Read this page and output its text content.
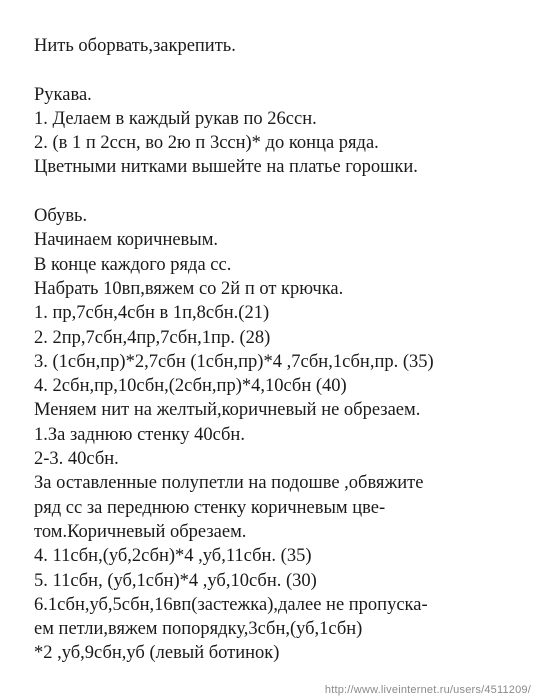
Нить оборвать,закрепить.
Рукава.
1. Делаем в каждый рукав по 26ссн.
2. (в 1 п 2ссн, во 2ю п 3ссн)* до конца ряда.
Цветными нитками вышейте на платье горошки.
Обувь.
Начинаем коричневым.
В конце каждого ряда сс.
Набрать 10вп,вяжем со 2й п от крючка.
1. пр,7сбн,4сбн в 1п,8сбн.(21)
2. 2пр,7сбн,4пр,7сбн,1пр. (28)
3. (1сбн,пр)*2,7сбн (1сбн,пр)*4 ,7сбн,1сбн,пр. (35)
4. 2сбн,пр,10сбн,(2сбн,пр)*4,10сбн (40)
Меняем нит на желтый,коричневый не обрезаем.
1.За заднюю стенку 40сбн.
2-3. 40сбн.
За оставленные полупетли на подошве ,обвяжите
ряд сс за переднюю стенку коричневым цве-
том.Коричневый обрезаем.
4. 11сбн,(уб,2сбн)*4 ,уб,11сбн. (35)
5. 11сбн, (уб,1сбн)*4 ,уб,10сбн. (30)
6.1сбн,уб,5сбн,16вп(застежка),далее не пропуска-
ем петли,вяжем попорядку,3сбн,(уб,1сбн)
*2 ,уб,9сбн,уб (левый ботинок)
http://www.liveinternet.ru/users/4511209/
